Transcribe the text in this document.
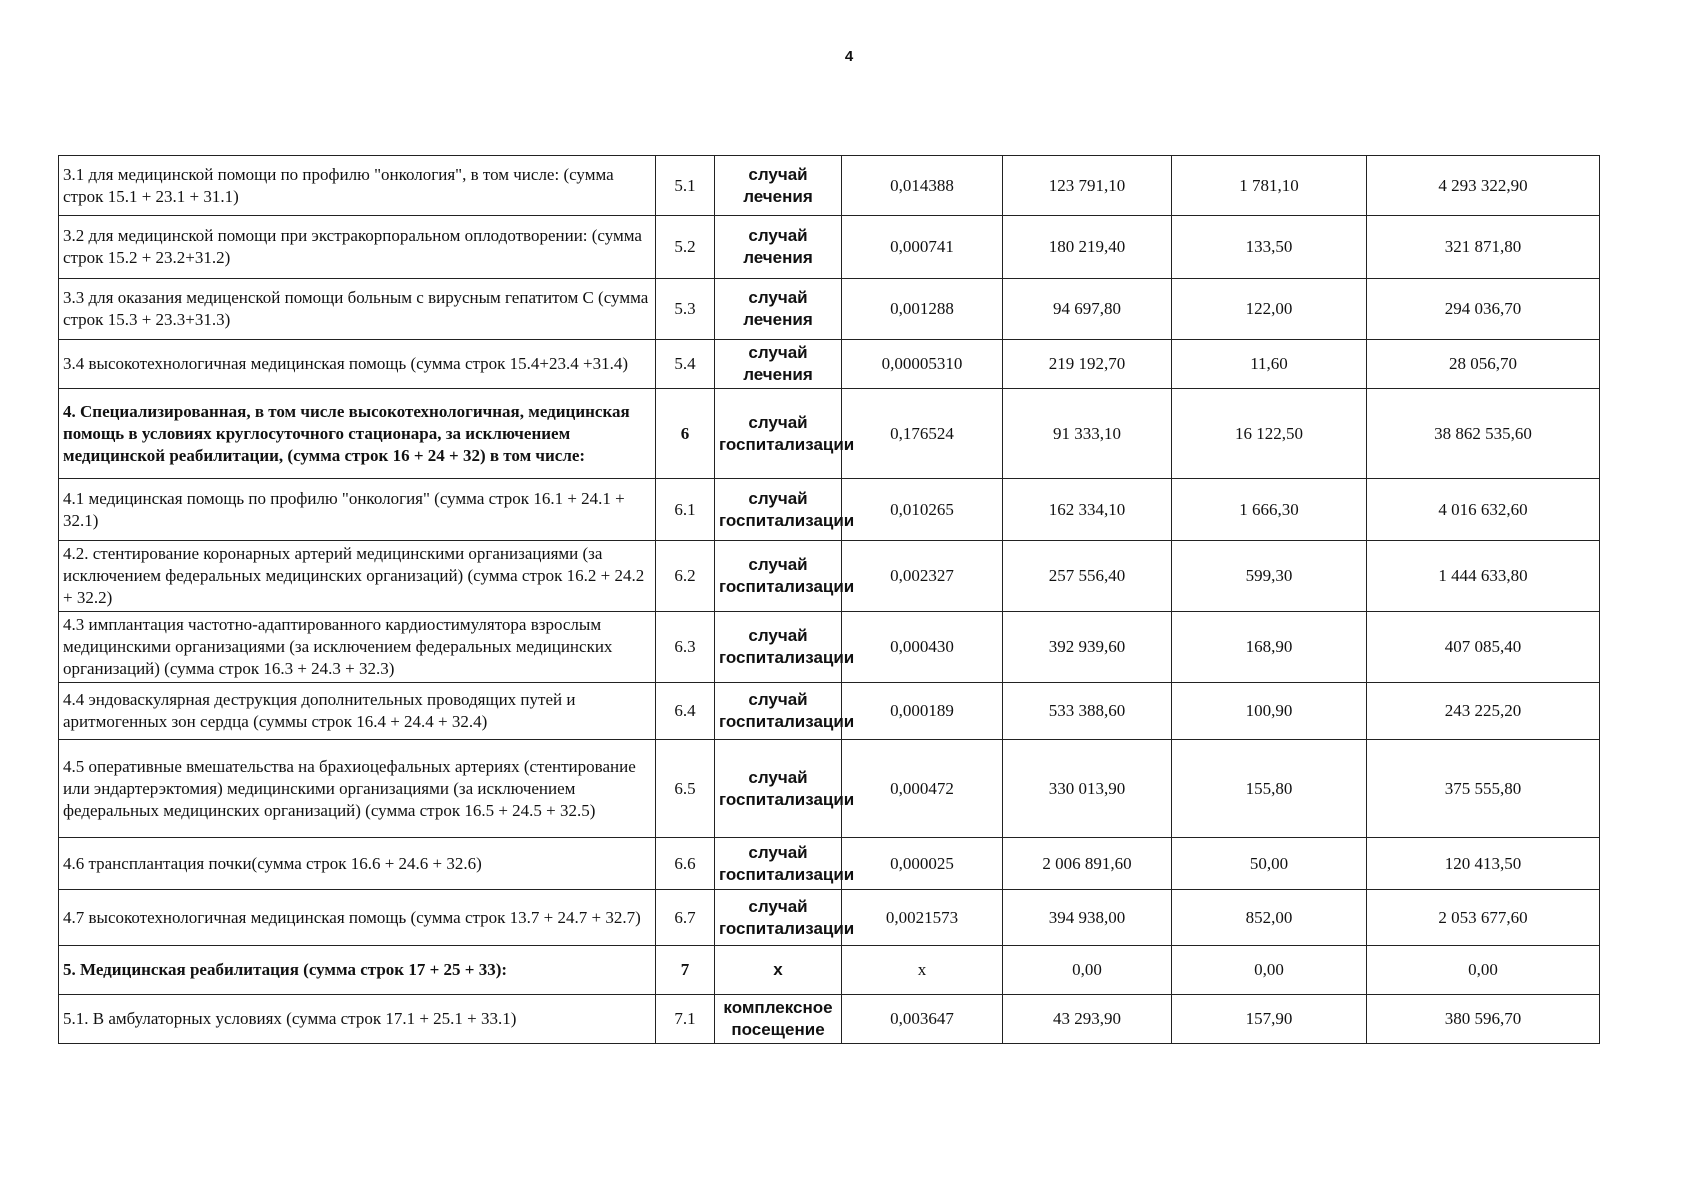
4
3.1 для медицинской помощи по профилю "онкология", в том числе: (сумма строк 15.1 + 23.1 + 31.1)	5.1	случай лечения	0,014388	123 791,10	1 781,10	4 293 322,90
3.2 для медицинской помощи при экстракорпоральном оплодотворении: (сумма строк 15.2 + 23.2+31.2)	5.2	случай лечения	0,000741	180 219,40	133,50	321 871,80
3.3 для оказания медиценской помощи больным с вирусным гепатитом С (сумма строк 15.3 + 23.3+31.3)	5.3	случай лечения	0,001288	94 697,80	122,00	294 036,70
3.4 высокотехнологичная медицинская помощь (сумма строк 15.4+23.4 +31.4)	5.4	случай лечения	0,00005310	219 192,70	11,60	28 056,70
4. Специализированная, в том числе высокотехнологичная, медицинская помощь в условиях круглосуточного стационара, за исключением медицинской реабилитации, (сумма строк 16 + 24 + 32) в том числе:	6	случай госпитализации	0,176524	91 333,10	16 122,50	38 862 535,60
4.1 медицинская помощь по профилю "онкология" (сумма строк 16.1 + 24.1 + 32.1)	6.1	случай госпитализации	0,010265	162 334,10	1 666,30	4 016 632,60
4.2. стентирование коронарных артерий медицинскими организациями (за исключением федеральных медицинских организаций) (сумма строк 16.2 + 24.2 + 32.2)	6.2	случай госпитализации	0,002327	257 556,40	599,30	1 444 633,80
4.3 имплантация частотно-адаптированного кардиостимулятора взрослым медицинскими организациями (за исключением федеральных медицинских организаций) (сумма строк 16.3 + 24.3 + 32.3)	6.3	случай госпитализации	0,000430	392 939,60	168,90	407 085,40
4.4 эндоваскулярная деструкция дополнительных проводящих путей и аритмогенных зон сердца (суммы строк 16.4 + 24.4 + 32.4)	6.4	случай госпитализации	0,000189	533 388,60	100,90	243 225,20
4.5 оперативные вмешательства на брахиоцефальных артериях (стентирование или эндартерэктомия) медицинскими организациями (за исключением федеральных медицинских организаций) (сумма строк 16.5 + 24.5 + 32.5)	6.5	случай госпитализации	0,000472	330 013,90	155,80	375 555,80
4.6 трансплантация почки(сумма строк 16.6 + 24.6 + 32.6)	6.6	случай госпитализации	0,000025	2 006 891,60	50,00	120 413,50
4.7 высокотехнологичная медицинская помощь (сумма строк 13.7 + 24.7 + 32.7)	6.7	случай госпитализации	0,0021573	394 938,00	852,00	2 053 677,60
5. Медицинская реабилитация (сумма строк 17 + 25 + 33):	7	х	х	0,00	0,00	0,00
5.1. В амбулаторных условиях (сумма строк 17.1 + 25.1 + 33.1)	7.1	комплексное посещение	0,003647	43 293,90	157,90	380 596,70
